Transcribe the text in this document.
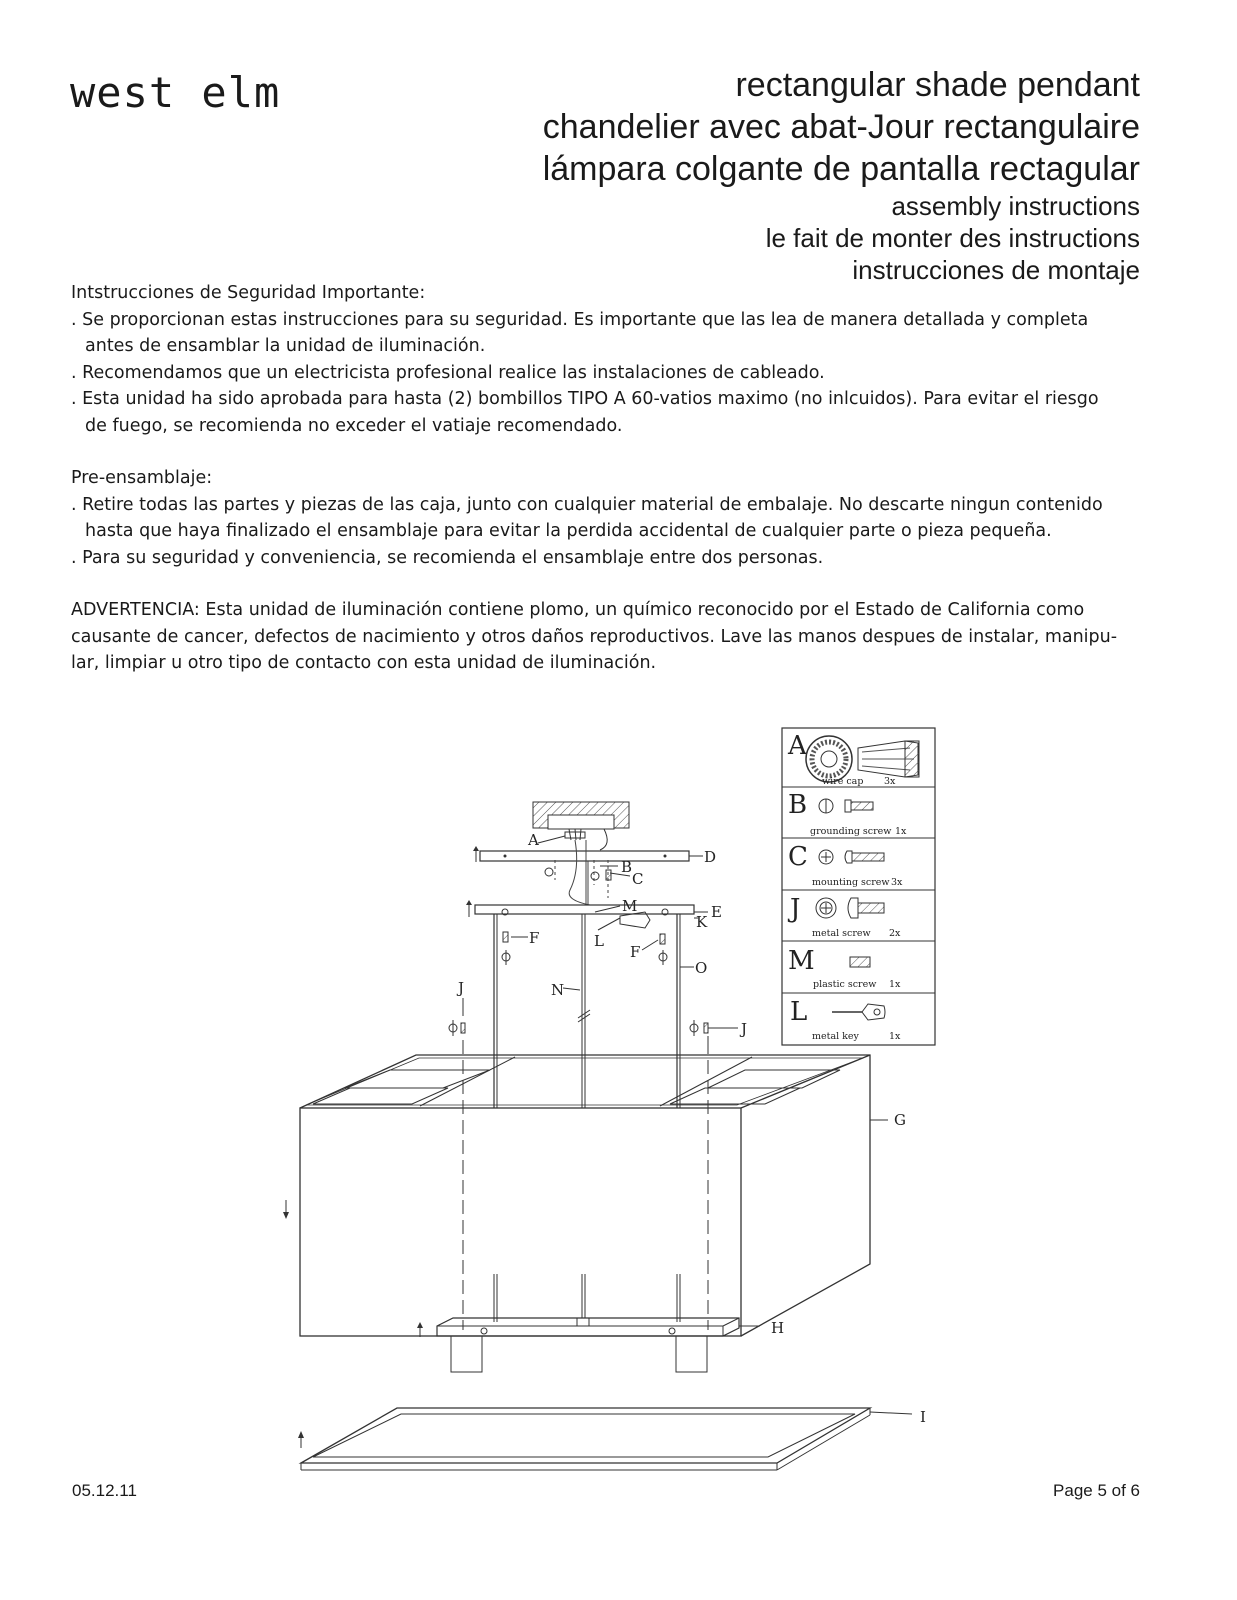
west elm	rectangular shade pendant
chandelier avec abat-Jour rectangulaire
lámpara colgante de pantalla rectagular
assembly instructions
le fait de monter des instructions
instrucciones de montaje

Intstrucciones de Seguridad Importante:

. Se proporcionan estas instrucciones para su seguridad. Es importante que las lea de manera detallada y completa

antes de ensamblar la unidad de iluminación.

. Recomendamos que un electricista profesional realice las instalaciones de cableado.

. Esta unidad ha sido aprobada para hasta (2) bombillos TIPO A 60-vatios maximo (no inlcuidos). Para evitar el riesgo

de fuego, se recomienda no exceder el vatiaje recomendado.

Pre-ensamblaje:

. Retire todas las partes y piezas de las caja, junto con cualquier material de embalaje. No descarte ningun contenido

hasta que haya finalizado el ensamblaje para evitar la perdida accidental de cualquier parte o pieza pequeña.

. Para su seguridad y conveniencia, se recomienda el ensamblaje entre dos personas.

ADVERTENCIA: Esta unidad de iluminación contiene plomo, un químico reconocido por el Estado de California como

causante de cancer, defectos de nacimiento y otros daños reproductivos. Lave las manos despues de instalar, manipu-

lar, limpiar u otro tipo de contacto con esta unidad de iluminación.

A
wire cap 3x
B
grounding screw 1x
C
mounting screw 3x
J
metal screw 2x
M
plastic screw 1x
L
metal key	1x
A
B
C
D
E
F
F
G
H
I
J
J
K
L
M
N
O
05.12.11	Page 5 of 6
